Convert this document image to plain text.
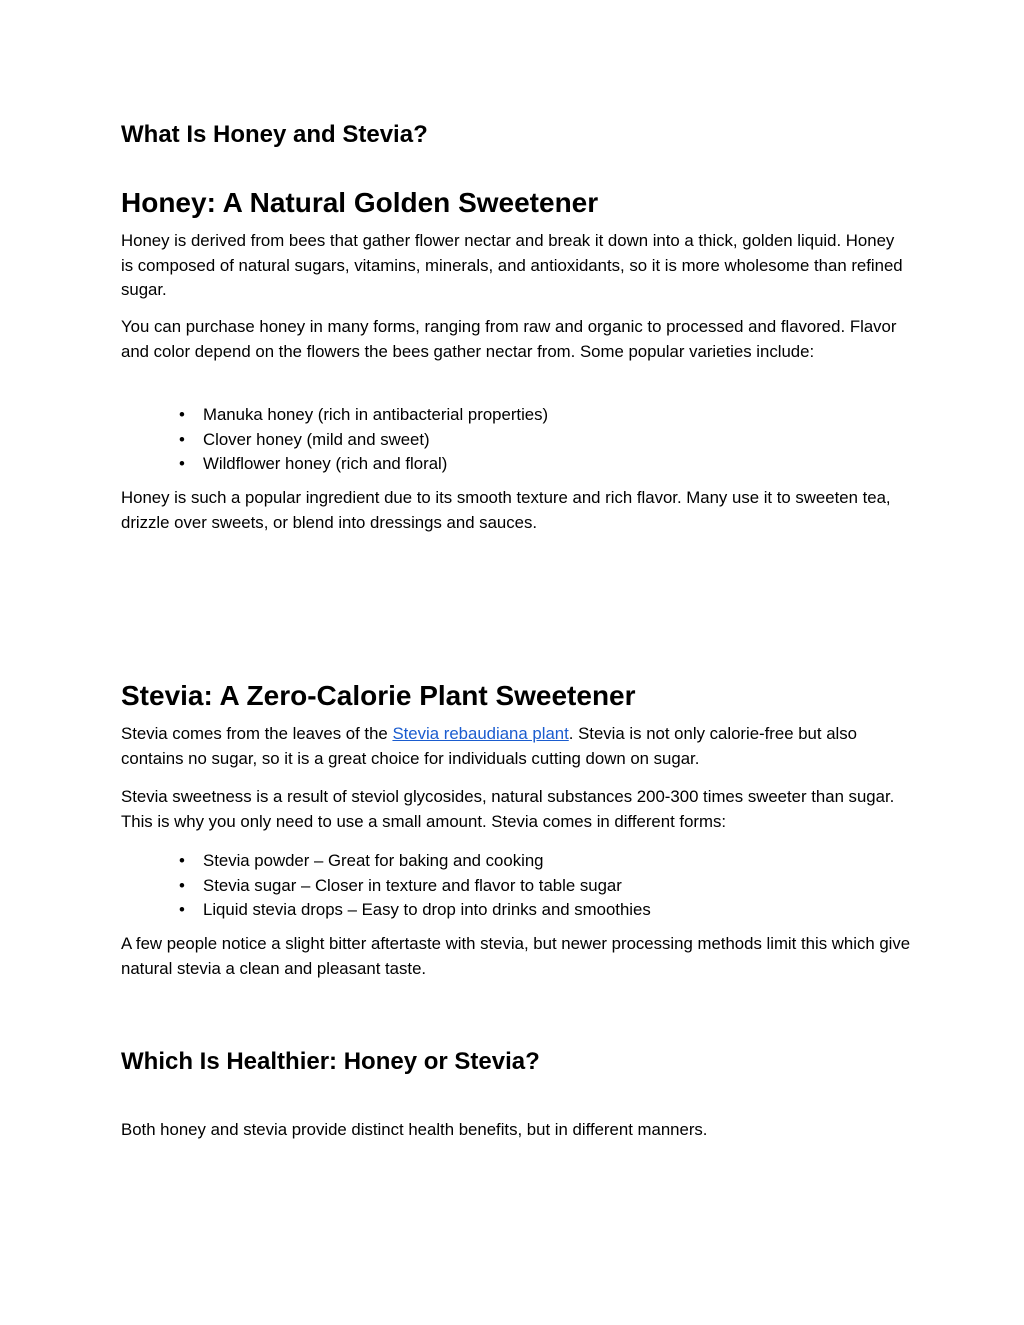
What Is Honey and Stevia?
Honey: A Natural Golden Sweetener

Honey is derived from bees that gather flower nectar and break it down into a thick, golden liquid. Honey is composed of natural sugars, vitamins, minerals, and antioxidants, so it is more wholesome than refined sugar.

You can purchase honey in many forms, ranging from raw and organic to processed and flavored. Flavor and color depend on the flowers the bees gather nectar from. Some popular varieties include:

• Manuka honey (rich in antibacterial properties)
• Clover honey (mild and sweet)
• Wildflower honey (rich and floral)

Honey is such a popular ingredient due to its smooth texture and rich flavor. Many use it to sweeten tea, drizzle over sweets, or blend into dressings and sauces.

Stevia: A Zero-Calorie Plant Sweetener

Stevia comes from the leaves of the Stevia rebaudiana plant. Stevia is not only calorie-free but also contains no sugar, so it is a great choice for individuals cutting down on sugar.

Stevia sweetness is a result of steviol glycosides, natural substances 200-300 times sweeter than sugar. This is why you only need to use a small amount. Stevia comes in different forms:

• Stevia powder – Great for baking and cooking
• Stevia sugar – Closer in texture and flavor to table sugar
• Liquid stevia drops – Easy to drop into drinks and smoothies

A few people notice a slight bitter aftertaste with stevia, but newer processing methods limit this which give natural stevia a clean and pleasant taste.

Which Is Healthier: Honey or Stevia?

Both honey and stevia provide distinct health benefits, but in different manners.
